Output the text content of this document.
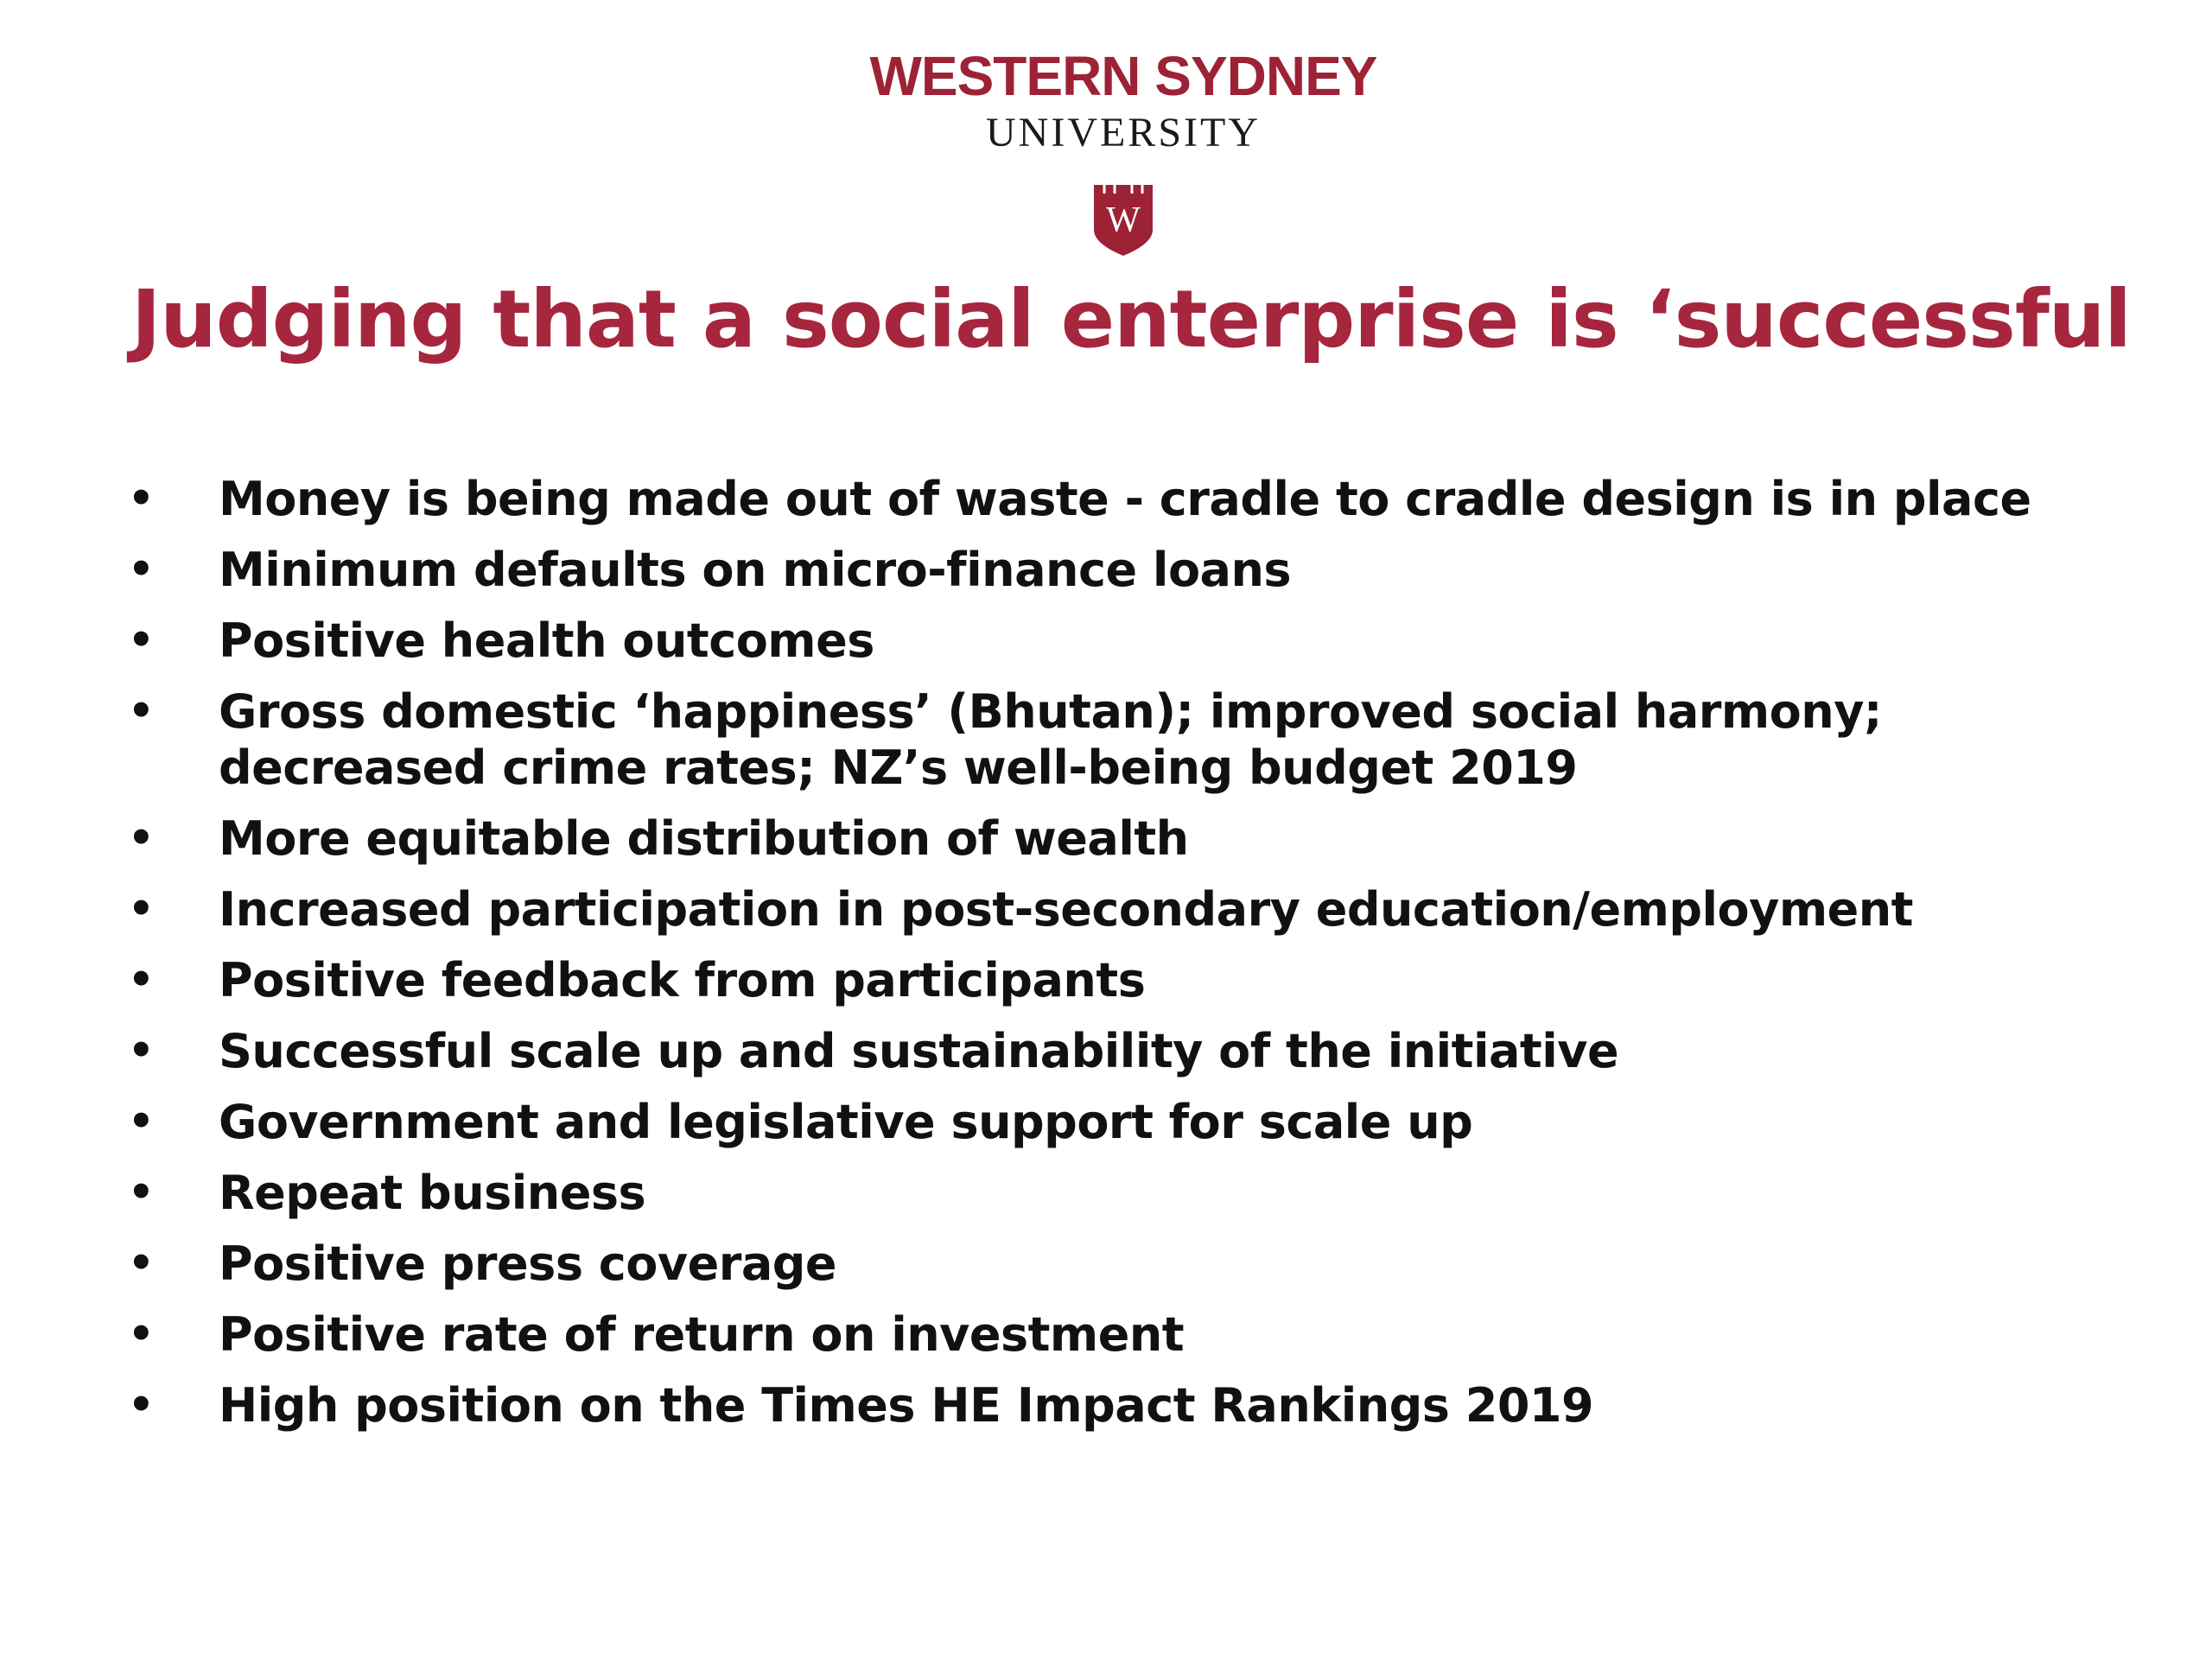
WESTERN SYDNEY
UNIVERSITY
W
Judging that a social enterprise is ‘successful
• Money is being made out of waste - cradle to cradle design is in place
• Minimum defaults on micro-finance loans
• Positive health outcomes
• Gross domestic ‘happiness’ (Bhutan); improved social harmony; decreased crime rates; NZ’s well-being budget 2019
• More equitable distribution of wealth
• Increased participation in post-secondary education/employment
• Positive feedback from participants
• Successful scale up and sustainability of the initiative
• Government and legislative support for scale up
• Repeat business
• Positive press coverage
• Positive rate of return on investment
• High position on the Times HE Impact Rankings 2019
